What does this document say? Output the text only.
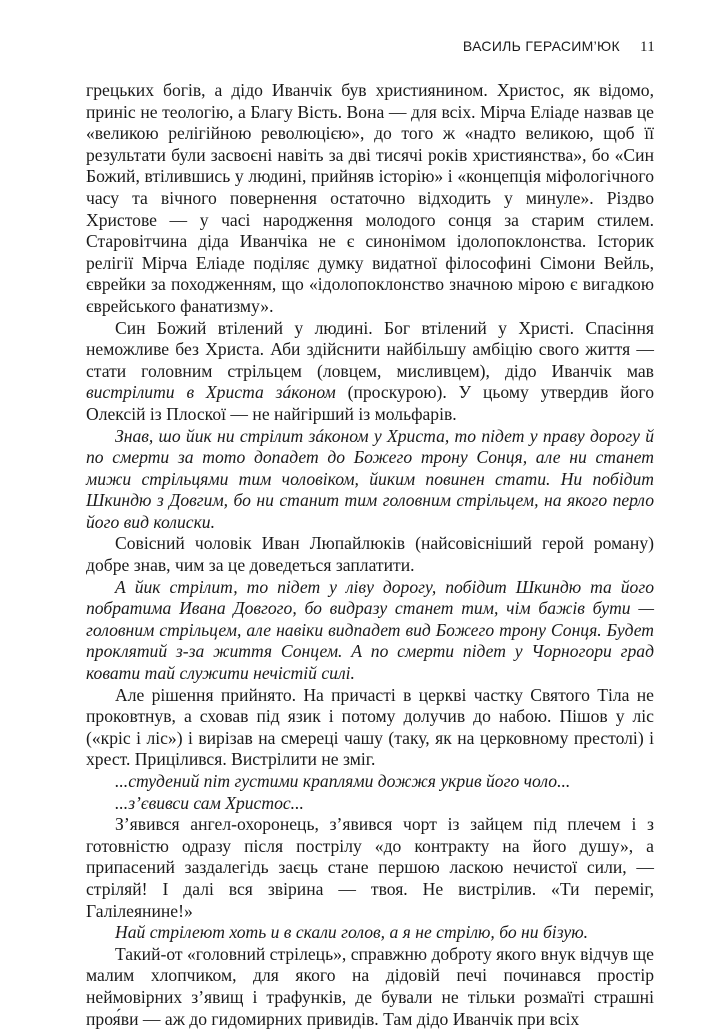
ВАСИЛЬ ГЕРАСИМ’ЮК 11

грецьких богів, а дідо Иванчік був християнином. Христос, як відомо, приніс не теологію, а Благу Вість. Вона — для всіх. Мірча Еліаде назвав це «великою релігійною революцією», до того ж «надто великою, щоб її результати були засвоєні навіть за дві тисячі років християнства», бо «Син Божий, втілившись у людині, прийняв історію» і «концепція міфологічного часу та вічного повернення остаточно відходить у минуле». Різдво Христове — у часі народження молодого сонця за старим стилем. Старовітчина діда Иванчіка не є синонімом ідолопоклонства. Історик релігії Мірча Еліаде поділяє думку видатної філософині Сімони Вейль, єврейки за походженням, що «ідолопоклонство значною мірою є вигадкою єврейського фанатизму».

Син Божий втілений у людині. Бог втілений у Христі. Спасіння неможливе без Христа. Аби здійснити найбільшу амбіцію свого життя — стати головним стрільцем (ловцем, мисливцем), дідо Иванчік мав вистрілити в Христа зáконом (проскурою). У цьому утвердив його Олексій із Плоскої — не найгірший із мольфарів.

Знав, шо йик ни стрілит зáконом у Христа, то підет у праву дорогу й по смерти за тото допадет до Божего трону Сонця, але ни станет мижи стрільцями тим чоловіком, йиким повинен стати. Ни побідит Шкиндю з Довгим, бо ни станит тим головним стрільцем, на якого перло його вид колиски.

Совісний чоловік Иван Люпайлюків (найсовісніший герой роману) добре знав, чим за це доведеться заплатити.

А йик стрілит, то підет у ліву дорогу, побідит Шкиндю та його побратима Ивана Довгого, бо видразу станет тим, чім бажів бути — головним стрільцем, але навіки видпадет вид Божего трону Сонця. Будет проклятий з-за життя Сонцем. А по смерти підет у Чорногори град ковати тай служити нечістій силі.

Але рішення прийнято. На причасті в церкві частку Святого Тіла не проковтнув, а сховав під язик і потому долучив до набою. Пішов у ліс («кріс і ліс») і вирізав на смереці чашу (таку, як на церковному престолі) і хрест. Прицілився. Вистрілити не зміг.

...студений піт густими краплями дожжя укрив його чоло...

...з’євивси сам Христос...

З’явився ангел-охоронець, з’явився чорт із зайцем під плечем і з готовністю одразу після пострілу «до контракту на його душу», а припасений заздалегідь заєць стане першою ласкою нечистої сили, — стріляй! І далі вся звірина — твоя. Не вистрілив. «Ти переміг, Галілеянине!»

Най стрілеют хоть и в скали голов, а я не стрілю, бо ни бізую.

Такий-от «головний стрілець», справжню доброту якого внук відчув ще малим хлопчиком, для якого на дідовій печі починався простір неймовірних з’явищ і трафунків, де бували не тільки розмаїті страшні проя́ви — аж до гидомирних привидів. Там дідо Иванчік при всіх
